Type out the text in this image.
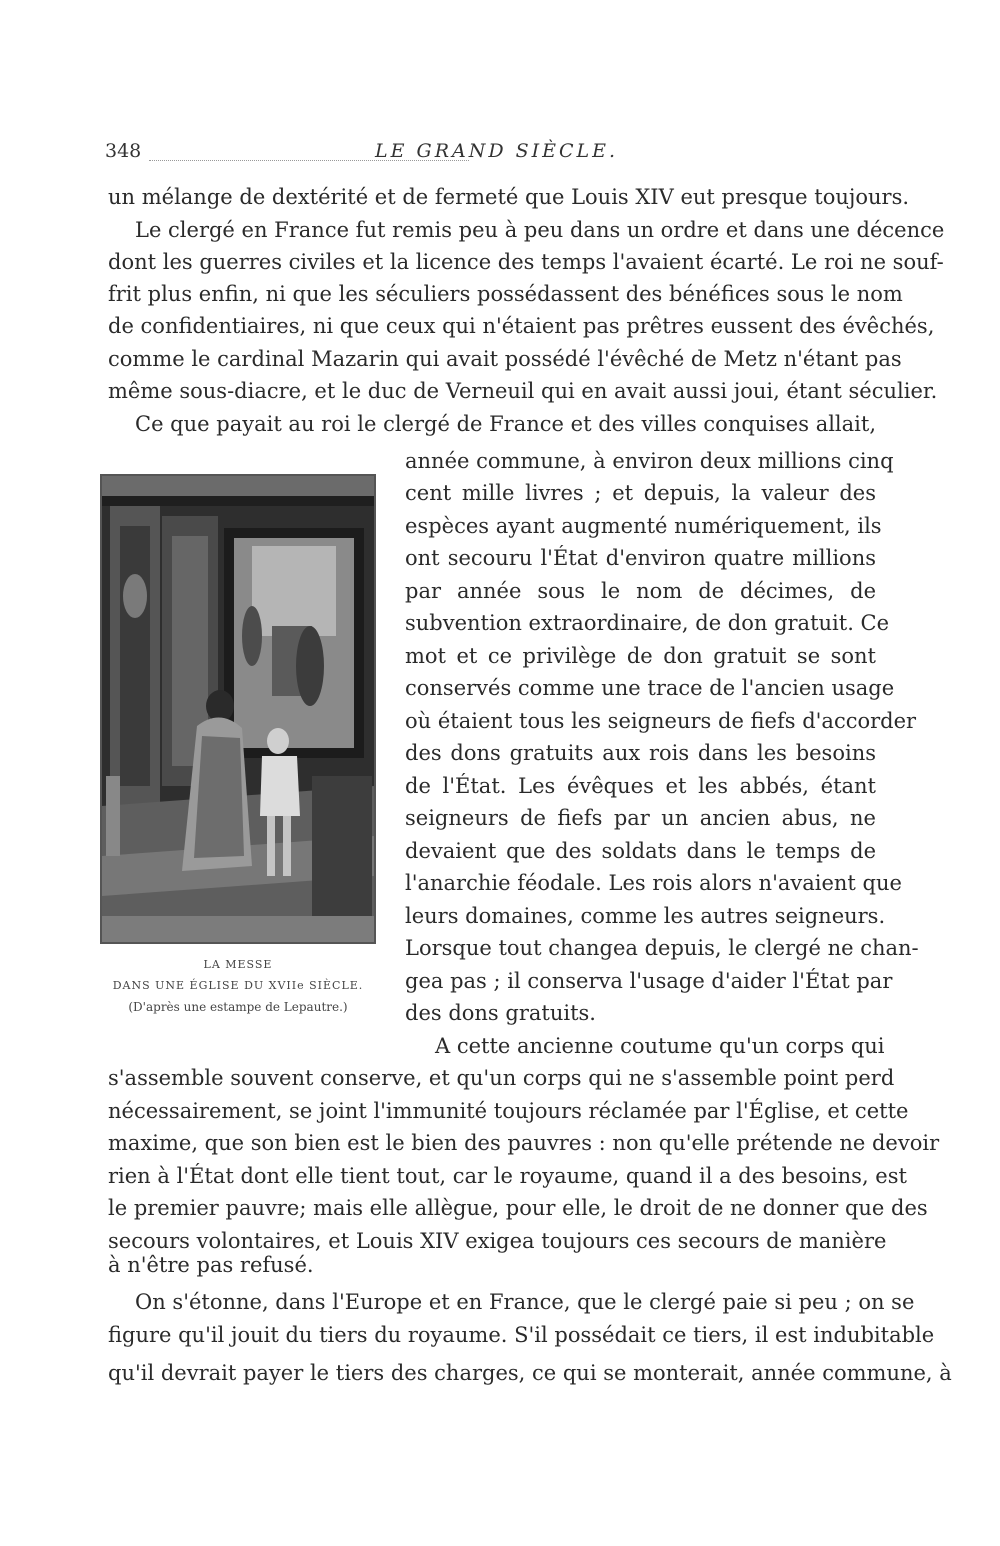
348	LE GRAND SIÈCLE.
un mélange de dextérité et de fermeté que Louis XIV eut presque toujours.
Le clergé en France fut remis peu à peu dans un ordre et dans une décence
dont les guerres civiles et la licence des temps l'avaient écarté. Le roi ne souf-
frit plus enfin, ni que les séculiers possédassent des bénéfices sous le nom
de confidentiaires, ni que ceux qui n'étaient pas prêtres eussent des évêchés,
comme le cardinal Mazarin qui avait possédé l'évêché de Metz n'étant pas
même sous-diacre, et le duc de Verneuil qui en avait aussi joui, étant séculier.
Ce que payait au roi le clergé de France et des villes conquises allait,
LA MESSE
DANS UNE ÉGLISE DU XVIIe SIÈCLE.
(D'après une estampe de Lepautre.)
année commune, à environ deux millions cinq
cent mille livres ; et depuis, la valeur des
espèces ayant augmenté numériquement, ils
ont secouru l'État d'environ quatre millions
par année sous le nom de décimes, de
subvention extraordinaire, de don gratuit. Ce
mot et ce privilège de don gratuit se sont
conservés comme une trace de l'ancien usage
où étaient tous les seigneurs de fiefs d'accorder
des dons gratuits aux rois dans les besoins
de l'État. Les évêques et les abbés, étant
seigneurs de fiefs par un ancien abus, ne
devaient que des soldats dans le temps de
l'anarchie féodale. Les rois alors n'avaient que
leurs domaines, comme les autres seigneurs.
Lorsque tout changea depuis, le clergé ne chan-
gea pas ; il conserva l'usage d'aider l'État par
des dons gratuits.
A cette ancienne coutume qu'un corps qui
s'assemble souvent conserve, et qu'un corps qui ne s'assemble point perd
nécessairement, se joint l'immunité toujours réclamée par l'Église, et cette
maxime, que son bien est le bien des pauvres : non qu'elle prétende ne devoir
rien à l'État dont elle tient tout, car le royaume, quand il a des besoins, est
le premier pauvre; mais elle allègue, pour elle, le droit de ne donner que des
secours volontaires, et Louis XIV exigea toujours ces secours de manière
à n'être pas refusé.
On s'étonne, dans l'Europe et en France, que le clergé paie si peu ; on se
figure qu'il jouit du tiers du royaume. S'il possédait ce tiers, il est indubitable
qu'il devrait payer le tiers des charges, ce qui se monterait, année commune, à
